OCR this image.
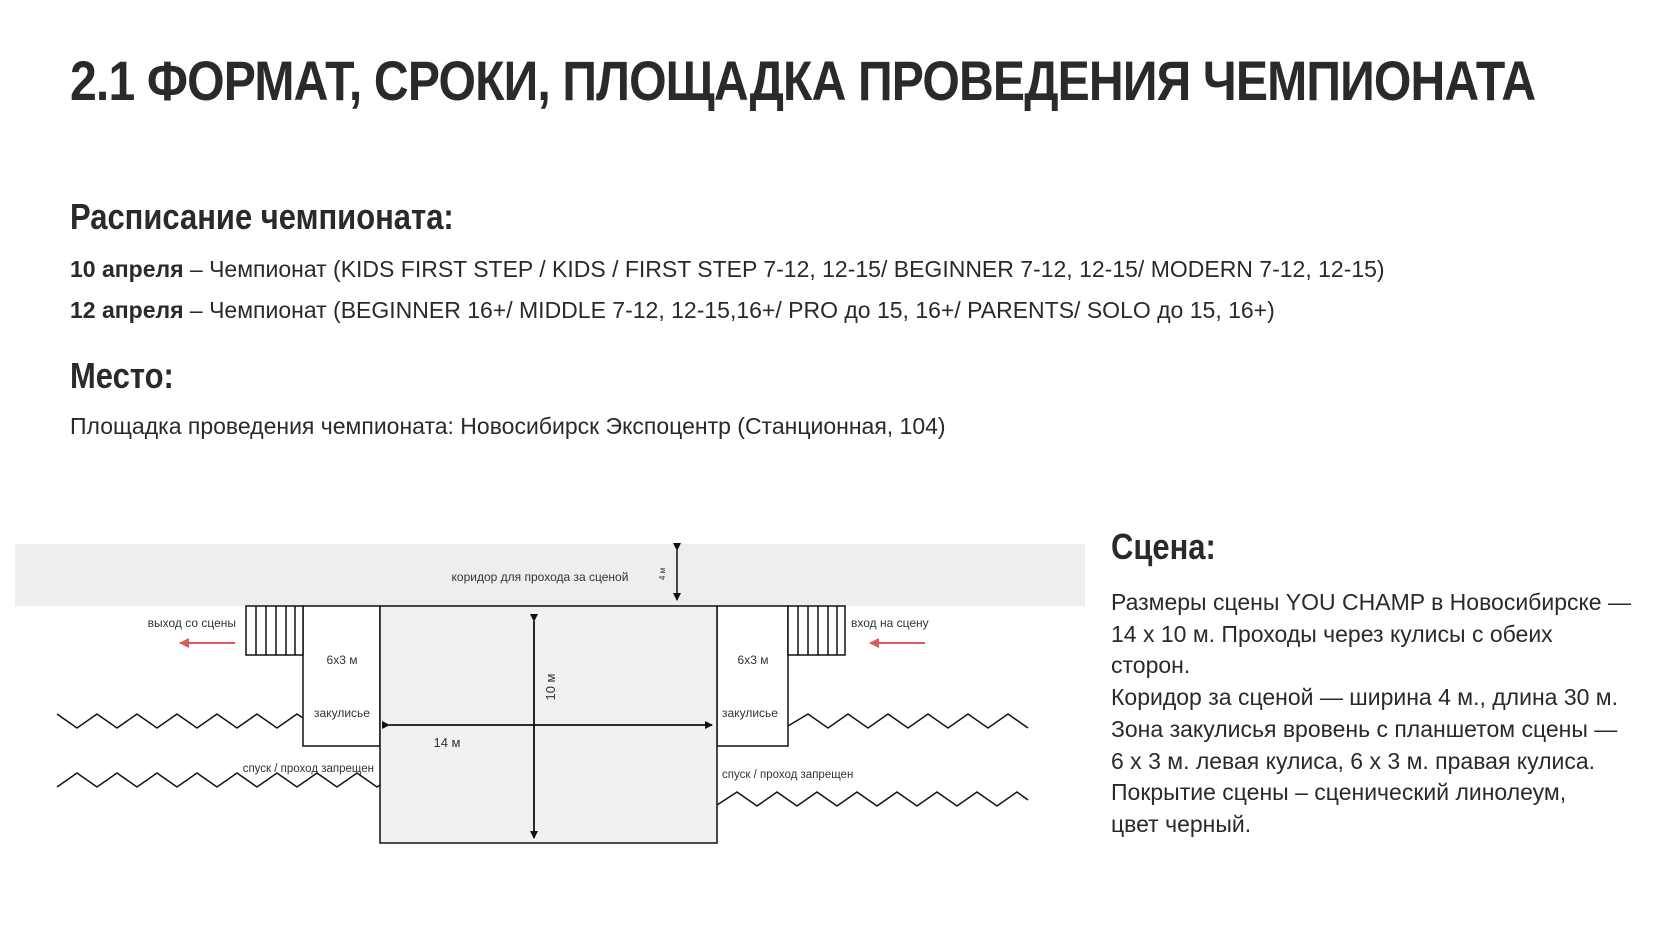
2.1 ФОРМАТ, СРОКИ, ПЛОЩАДКА ПРОВЕДЕНИЯ ЧЕМПИОНАТА
Расписание чемпионата:
10 апреля – Чемпионат (KIDS FIRST STEP / KIDS / FIRST STEP 7-12, 12-15/ BEGINNER 7-12, 12-15/ MODERN 7-12, 12-15)
12 апреля – Чемпионат (BEGINNER 16+/ MIDDLE 7-12, 12-15,16+/ PRO до 15, 16+/ PARENTS/ SOLO до 15, 16+)
Место:
Площадка проведения чемпионата: Новосибирск Экспоцентр (Станционная, 104)
Сцена:

Размеры сцены YOU CHAMP в Новосибирске —
14 х 10 м. Проходы через кулисы с обеих
сторон.
Коридор за сценой — ширина 4 м., длина 30 м.
Зона закулисья вровень с планшетом сцены —
6 х 3 м. левая кулиса, 6 х 3 м. правая кулиса.
Покрытие сцены – сценический линолеум,
цвет черный.

коридор для прохода за сценой	4 м
6х3 м
закулисье
6х3 м
закулисье
выход со сцены	вход на сцену
14 м
10 м
спуск / проход запрещен	спуск / проход запрещен
